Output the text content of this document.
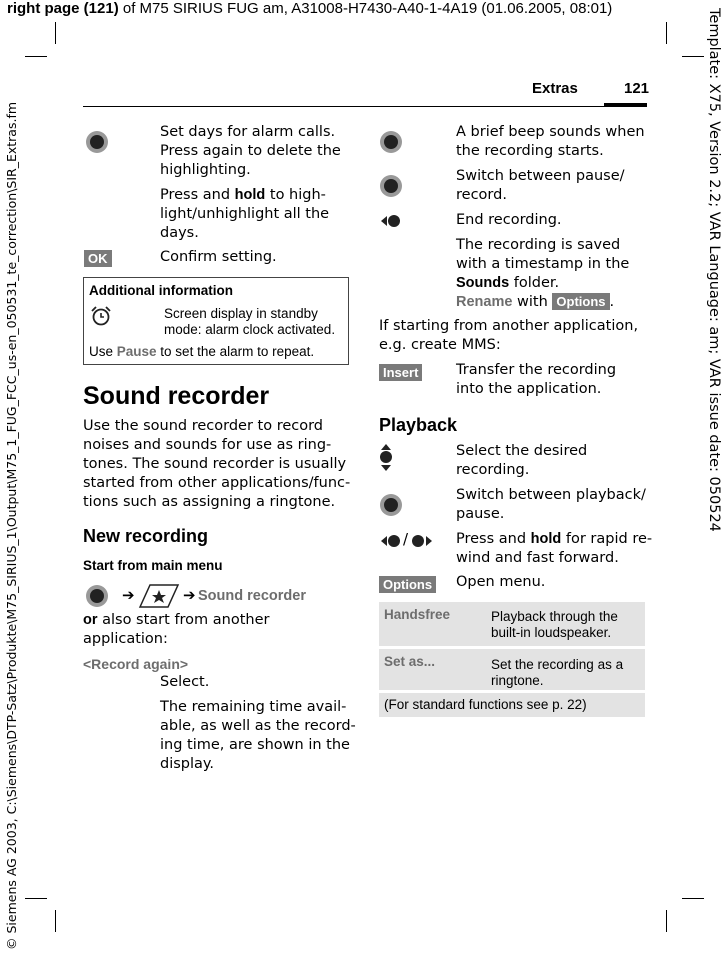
right page (121) of M75 SIRIUS FUG am, A31008-H7430-A40-1-4A19 (01.06.2005, 08:01)
© Siemens AG 2003, C:\Siemens\DTP-Satz\Produkte\M75_SIRIUS_1\Output\M75_1_FUG_FCC_us-en_050531_te_correction\SIR_Extras.fm	Template: X75, Version 2.2; VAR Language: am; VAR issue date: 050524
Extras	121
Set days for alarm calls.
Press again to delete the
highlighting.
Press and hold to high-
light/unhighlight all the
days.
OK	Confirm setting.
Additional information
Screen display in standby
mode: alarm clock activated.
Use Pause to set the alarm to repeat.
Sound recorder
Use the sound recorder to record
noises and sounds for use as ring-
tones. The sound recorder is usually
started from other applications/func-
tions such as assigning a ringtone.
New recording
Start from main menu
➔	➔ Sound recorder
or also start from another
application:
<Record again>
Select.
The remaining time avail-
able, as well as the record-
ing time, are shown in the
display.
A brief beep sounds when
the recording starts.
Switch between pause/
record.
End recording.
The recording is saved
with a timestamp in the
Sounds folder.
Rename with Options .
If starting from another application,
e.g. create MMS:
Insert	Transfer the recording
into the application.
Playback
Select the desired
recording.
Switch between playback/
pause.
/	Press and hold for rapid re-
wind and fast forward.
Options Open menu.
Handsfree	Playback through the
built-in loudspeaker.
Set as...	Set the recording as a
ringtone.
(For standard functions see p. 22)
